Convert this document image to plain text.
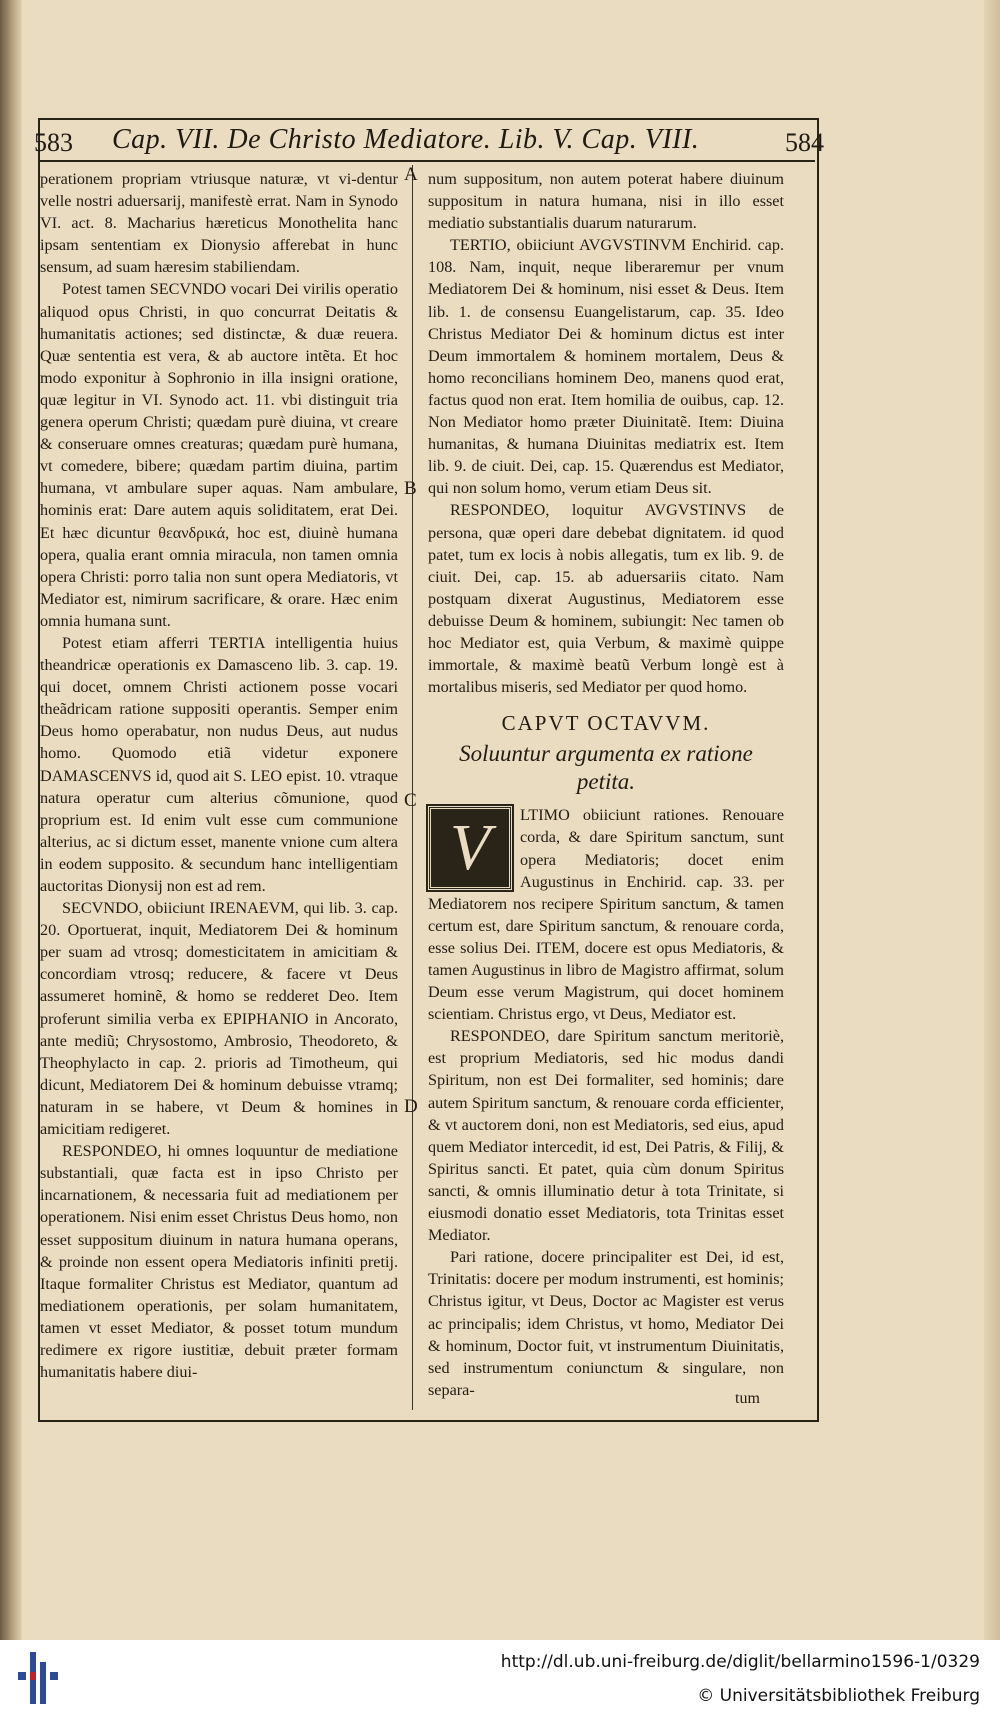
583 Cap. VII. De Christo Mediatore. Lib. V. Cap. VIII.	584
A
B
C
D

perationem propriam vtriusque naturæ, vt vi-dentur velle nostri aduersarij, manifestè errat. Nam in Synodo VI. act. 8. Macharius hæreticus Monothelita hanc ipsam sententiam ex Dionysio afferebat in hunc sensum, ad suam hæresim stabiliendam.

Potest tamen SECVNDO vocari Dei virilis operatio aliquod opus Christi, in quo concurrat Deitatis & humanitatis actiones; sed distinctæ, & duæ reuera. Quæ sententia est vera, & ab auctore intẽta. Et hoc modo exponitur à Sophronio in illa insigni oratione, quæ legitur in VI. Synodo act. 11. vbi distinguit tria genera operum Christi; quædam purè diuina, vt creare & conseruare omnes creaturas; quædam purè humana, vt comedere, bibere; quædam partim diuina, partim humana, vt ambulare super aquas. Nam ambulare, hominis erat: Dare autem aquis soliditatem, erat Dei. Et hæc dicuntur θεανδρικά, hoc est, diuinè humana opera, qualia erant omnia miracula, non tamen omnia opera Christi: porro talia non sunt opera Mediatoris, vt Mediator est, nimirum sacrificare, & orare. Hæc enim omnia humana sunt.

Potest etiam afferri TERTIA intelligentia huius theandricæ operationis ex Damasceno lib. 3. cap. 19. qui docet, omnem Christi actionem posse vocari theãdricam ratione suppositi operantis. Semper enim Deus homo operabatur, non nudus Deus, aut nudus homo. Quomodo etiã videtur exponere DAMASCENVS id, quod ait S. LEO epist. 10. vtraque natura operatur cum alterius cõmunione, quod proprium est. Id enim vult esse cum communione alterius, ac si dictum esset, manente vnione cum altera in eodem supposito. & secundum hanc intelligentiam auctoritas Dionysij non est ad rem.

SECVNDO, obiiciunt IRENAEVM, qui lib. 3. cap. 20. Oportuerat, inquit, Mediatorem Dei & hominum per suam ad vtrosq; domesticitatem in amicitiam & concordiam vtrosq; reducere, & facere vt Deus assumeret hominẽ, & homo se redderet Deo. Item proferunt similia verba ex EPIPHANIO in Ancorato, ante mediũ; Chrysostomo, Ambrosio, Theodoreto, & Theophylacto in cap. 2. prioris ad Timotheum, qui dicunt, Mediatorem Dei & hominum debuisse vtramq; naturam in se habere, vt Deum & homines in amicitiam redigeret.

RESPONDEO, hi omnes loquuntur de mediatione substantiali, quæ facta est in ipso Christo per incarnationem, & necessaria fuit ad mediationem per operationem. Nisi enim esset Christus Deus homo, non esset suppositum diuinum in natura humana operans, & proinde non essent opera Mediatoris infiniti pretij. Itaque formaliter Christus est Mediator, quantum ad mediationem operationis, per solam humanitatem, tamen vt esset Mediator, & posset totum mundum redimere ex rigore iustitiæ, debuit præter formam humanitatis habere diui-

num suppositum, non autem poterat habere diuinum suppositum in natura humana, nisi in illo esset mediatio substantialis duarum naturarum.

TERTIO, obiiciunt AVGVSTINVM Enchirid. cap. 108. Nam, inquit, neque liberaremur per vnum Mediatorem Dei & hominum, nisi esset & Deus. Item lib. 1. de consensu Euangelistarum, cap. 35. Ideo Christus Mediator Dei & hominum dictus est inter Deum immortalem & hominem mortalem, Deus & homo reconcilians hominem Deo, manens quod erat, factus quod non erat. Item homilia de ouibus, cap. 12. Non Mediator homo præter Diuinitatẽ. Item: Diuina humanitas, & humana Diuinitas mediatrix est. Item lib. 9. de ciuit. Dei, cap. 15. Quærendus est Mediator, qui non solum homo, verum etiam Deus sit.

RESPONDEO, loquitur AVGVSTINVS de persona, quæ operi dare debebat dignitatem. id quod patet, tum ex locis à nobis allegatis, tum ex lib. 9. de ciuit. Dei, cap. 15. ab aduersariis citato. Nam postquam dixerat Augustinus, Mediatorem esse debuisse Deum & hominem, subiungit: Nec tamen ob hoc Mediator est, quia Verbum, & maximè quippe immortale, & maximè beatũ Verbum longè est à mortalibus miseris, sed Mediator per quod homo.

CAPVT OCTAVVM.
Soluuntur argumenta ex ratione petita.

V	LTIMO obiiciunt rationes. Renouare corda, & dare Spiritum sanctum, sunt opera Mediatoris; docet enim Augustinus in Enchirid. cap. 33. per Mediatorem nos recipere Spiritum sanctum, & tamen certum est, dare Spiritum sanctum, & renouare corda, esse solius Dei. ITEM, docere est opus Mediatoris, & tamen Augustinus in libro de Magistro affirmat, solum Deum esse verum Magistrum, qui docet hominem scientiam. Christus ergo, vt Deus, Mediator est.

RESPONDEO, dare Spiritum sanctum meritoriè, est proprium Mediatoris, sed hic modus dandi Spiritum, non est Dei formaliter, sed hominis; dare autem Spiritum sanctum, & renouare corda efficienter, & vt auctorem doni, non est Mediatoris, sed eius, apud quem Mediator intercedit, id est, Dei Patris, & Filij, & Spiritus sancti. Et patet, quia cùm donum Spiritus sancti, & omnis illuminatio detur à tota Trinitate, si eiusmodi donatio esset Mediatoris, tota Trinitas esset Mediator.

Pari ratione, docere principaliter est Dei, id est, Trinitatis: docere per modum instrumenti, est hominis; Christus igitur, vt Deus, Doctor ac Magister est verus ac principalis; idem Christus, vt homo, Mediator Dei & hominum, Doctor fuit, vt instrumentum Diuinitatis, sed instrumentum coniunctum & singulare, non separa-	tum
http://dl.ub.uni-freiburg.de/diglit/bellarmino1596-1/0329
© Universitätsbibliothek Freiburg
